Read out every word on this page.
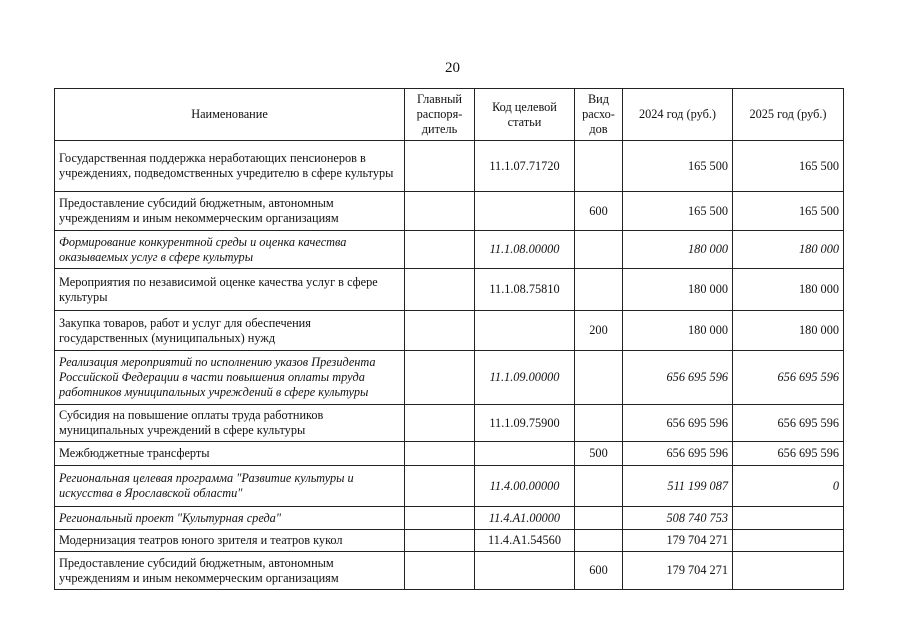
20
Наименование	Главный распоря-дитель	Код целевой статьи	Вид расхо-дов	2024 год (руб.)	2025 год (руб.)
Государственная поддержка неработающих пенсионеров в учреждениях, подведомственных учредителю в сфере культуры		11.1.07.71720		165 500	165 500
Предоставление субсидий бюджетным, автономным учреждениям и иным некоммерческим организациям			600	165 500	165 500
Формирование конкурентной среды и оценка качества оказываемых услуг в сфере культуры		11.1.08.00000		180 000	180 000
Мероприятия по независимой оценке качества услуг в сфере культуры		11.1.08.75810		180 000	180 000
Закупка товаров, работ и услуг для обеспечения государственных (муниципальных) нужд			200	180 000	180 000
Реализация мероприятий по исполнению указов Президента Российской Федерации в части повышения оплаты труда работников муниципальных учреждений в сфере культуры		11.1.09.00000		656 695 596	656 695 596
Субсидия на повышение оплаты труда работников муниципальных учреждений в сфере культуры		11.1.09.75900		656 695 596	656 695 596
Межбюджетные трансферты			500	656 695 596	656 695 596
Региональная целевая программа "Развитие культуры и искусства в Ярославской области"		11.4.00.00000		511 199 087	0
Региональный проект "Культурная среда"		11.4.А1.00000		508 740 753	
Модернизация театров юного зрителя и театров кукол		11.4.А1.54560		179 704 271	
Предоставление субсидий бюджетным, автономным учреждениям и иным некоммерческим организациям			600	179 704 271	
